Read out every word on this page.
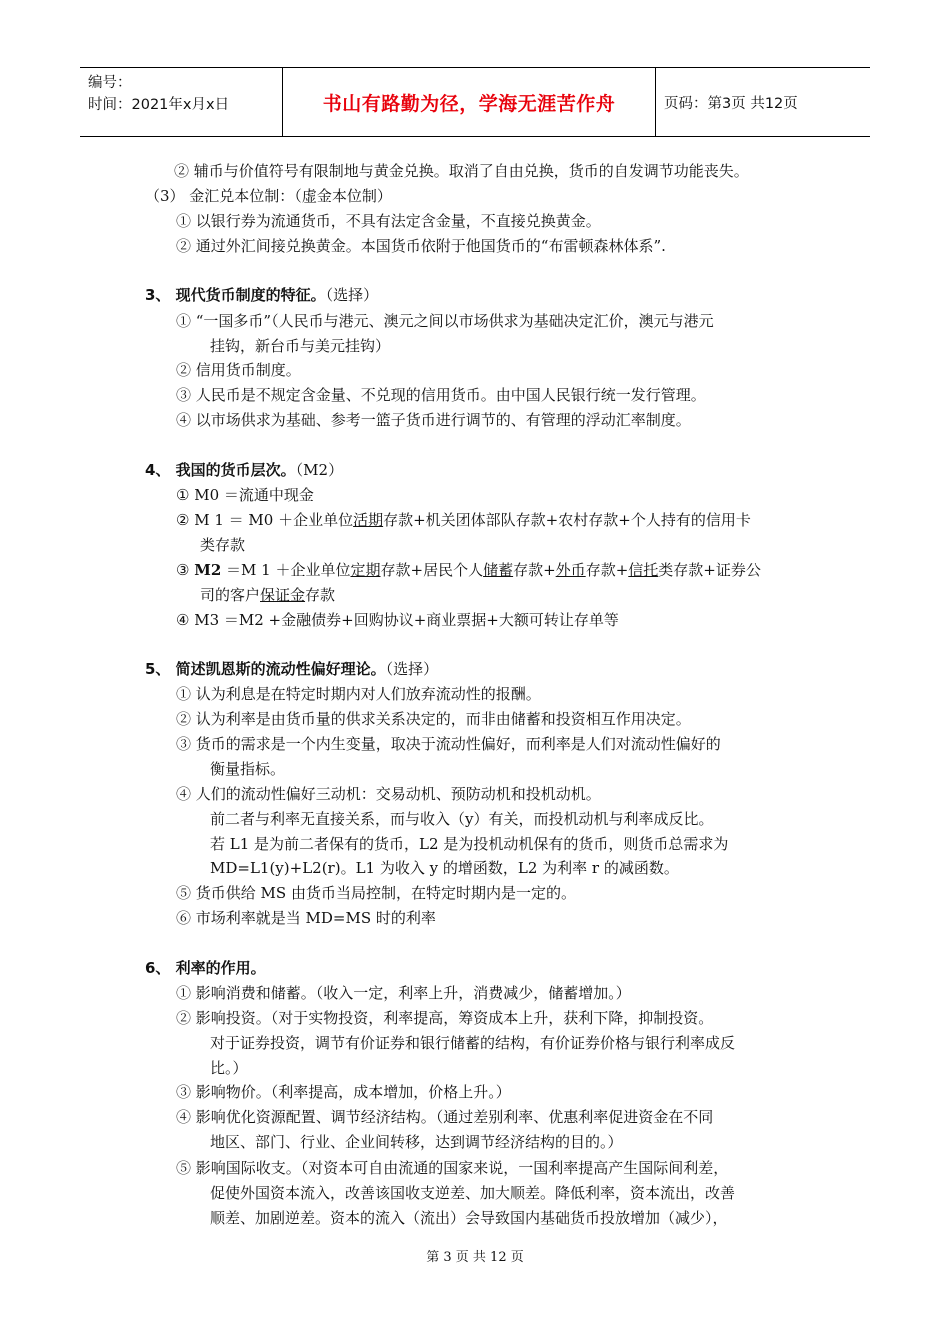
编号：
时间：2021年x月x日	书山有路勤为径，学海无涯苦作舟	页码：第3页 共12页
② 辅币与价值符号有限制地与黄金兑换。取消了自由兑换，货币的自发调节功能丧失。
（3） 金汇兑本位制：（虚金本位制）
① 以银行券为流通货币，不具有法定含金量，不直接兑换黄金。
② 通过外汇间接兑换黄金。本国货币依附于他国货币的“布雷顿森林体系”.
3、 现代货币制度的特征。（选择）
① “一国多币”（人民币与港元、澳元之间以市场供求为基础决定汇价，澳元与港元
挂钩，新台币与美元挂钩）
② 信用货币制度。
③ 人民币是不规定含金量、不兑现的信用货币。由中国人民银行统一发行管理。
④ 以市场供求为基础、参考一篮子货币进行调节的、有管理的浮动汇率制度。
4、 我国的货币层次。（M2）
① M0 ＝流通中现金
② M 1 ＝ M0 ＋企业单位活期存款+机关团体部队存款+农村存款+个人持有的信用卡
类存款
③ M2 ＝M 1 ＋企业单位定期存款+居民个人储蓄存款+外币存款+信托类存款+证券公
司的客户保证金存款
④ M3 ＝M2 +金融债券+回购协议+商业票据+大额可转让存单等
5、 简述凯恩斯的流动性偏好理论。（选择）
① 认为利息是在特定时期内对人们放弃流动性的报酬。
② 认为利率是由货币量的供求关系决定的，而非由储蓄和投资相互作用决定。
③ 货币的需求是一个内生变量，取决于流动性偏好，而利率是人们对流动性偏好的
衡量指标。
④ 人们的流动性偏好三动机：交易动机、预防动机和投机动机。
前二者与利率无直接关系，而与收入（y）有关，而投机动机与利率成反比。
若 L1 是为前二者保有的货币，L2 是为投机动机保有的货币，则货币总需求为
MD=L1(y)+L2(r)。L1 为收入 y 的增函数，L2 为利率 r 的减函数。
⑤ 货币供给 MS 由货币当局控制，在特定时期内是一定的。
⑥ 市场利率就是当 MD=MS 时的利率
6、 利率的作用。
① 影响消费和储蓄。（收入一定，利率上升，消费减少，储蓄增加。）
② 影响投资。（对于实物投资，利率提高，筹资成本上升，获利下降，抑制投资。
对于证券投资，调节有价证券和银行储蓄的结构，有价证券价格与银行利率成反
比。）
③ 影响物价。（利率提高，成本增加，价格上升。）
④ 影响优化资源配置、调节经济结构。（通过差别利率、优惠利率促进资金在不同
地区、部门、行业、企业间转移，达到调节经济结构的目的。）
⑤ 影响国际收支。（对资本可自由流通的国家来说，一国利率提高产生国际间利差，
促使外国资本流入，改善该国收支逆差、加大顺差。降低利率，资本流出，改善
顺差、加剧逆差。资本的流入（流出）会导致国内基础货币投放增加（减少），
第 3 页 共 12 页
